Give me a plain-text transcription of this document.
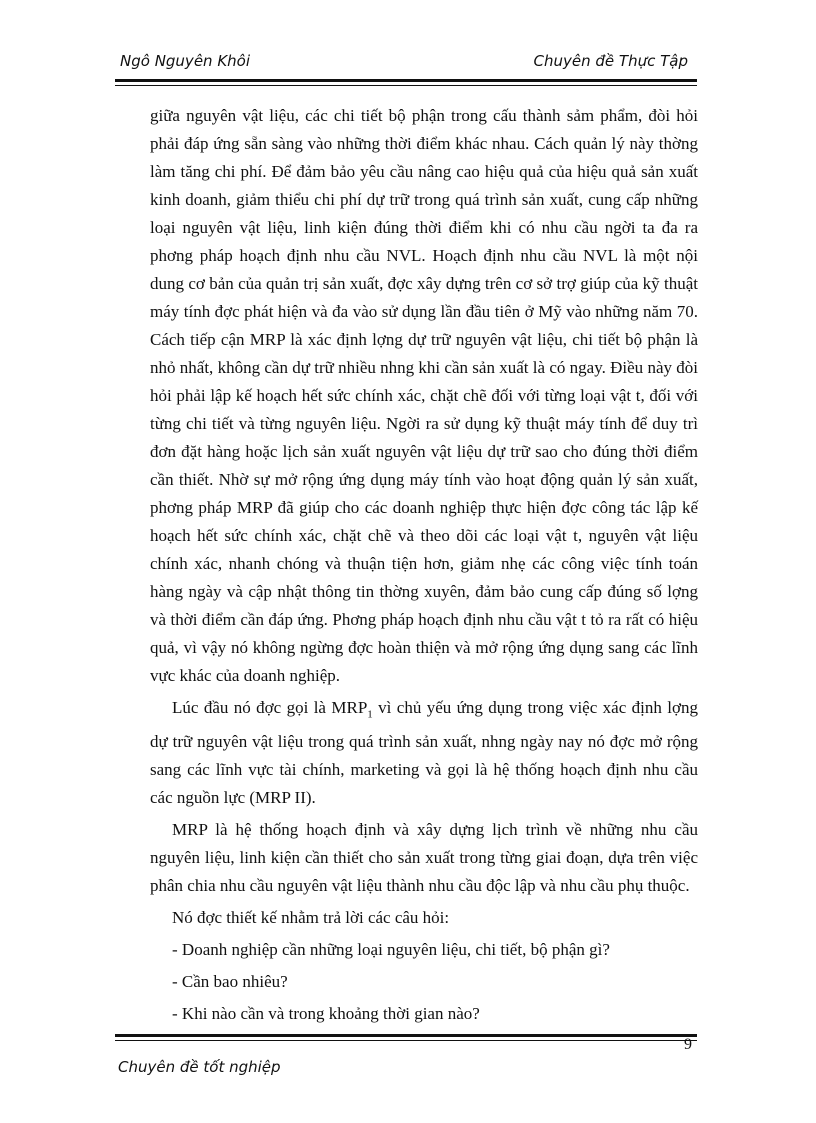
Ngô Nguyên Khôi	Chuyên đề Thực Tập

giữa nguyên vật liệu, các chi tiết bộ phận trong cấu thành sảm phẩm, đòi hỏi phải đáp ứng sẵn sàng vào những thời điểm khác nhau. Cách quản lý này thờng làm tăng chi phí. Để đảm bảo yêu cầu nâng cao hiệu quả của hiệu quả sản xuất kinh doanh, giảm thiểu chi phí dự trữ trong quá trình sản xuất, cung cấp những loại nguyên vật liệu, linh kiện đúng thời điểm khi có nhu cầu ngời ta đa ra phơng pháp hoạch định nhu cầu NVL. Hoạch định nhu cầu NVL là một nội dung cơ bản của quản trị sản xuất, đợc xây dựng trên cơ sở trợ giúp của kỹ thuật máy tính đợc phát hiện và đa vào sử dụng lần đầu tiên ở Mỹ vào những năm 70. Cách tiếp cận MRP là xác định lợng dự trữ nguyên vật liệu, chi tiết bộ phận là nhỏ nhất, không cần dự trữ nhiều nhng khi cần sản xuất là có ngay. Điều này đòi hỏi phải lập kế hoạch hết sức chính xác, chặt chẽ đối với từng loại vật t, đối với từng chi tiết và từng nguyên liệu. Ngời ra sử dụng kỹ thuật máy tính để duy trì đơn đặt hàng hoặc lịch sản xuất nguyên vật liệu dự trữ sao cho đúng thời điểm cần thiết. Nhờ sự mở rộng ứng dụng máy tính vào hoạt động quản lý sản xuất, phơng pháp MRP đã giúp cho các doanh nghiệp thực hiện đợc công tác lập kế hoạch hết sức chính xác, chặt chẽ và theo dõi các loại vật t, nguyên vật liệu chính xác, nhanh chóng và thuận tiện hơn, giảm nhẹ các công việc tính toán hàng ngày và cập nhật thông tin thờng xuyên, đảm bảo cung cấp đúng số lợng và thời điểm cần đáp ứng. Phơng pháp hoạch định nhu cầu vật t tỏ ra rất có hiệu quả, vì vậy nó không ngừng đợc hoàn thiện và mở rộng ứng dụng sang các lĩnh vực khác của doanh nghiệp.

Lúc đầu nó đợc gọi là $MRP_1$ vì chủ yếu ứng dụng trong việc xác định lợng dự trữ nguyên vật liệu trong quá trình sản xuất, nhng ngày nay nó đợc mở rộng sang các lĩnh vực tài chính, marketing và gọi là hệ thống hoạch định nhu cầu các nguồn lực (MRP II).

MRP là hệ thống hoạch định và xây dựng lịch trình về những nhu cầu nguyên liệu, linh kiện cần thiết cho sản xuất trong từng giai đoạn, dựa trên việc phân chia nhu cầu nguyên vật liệu thành nhu cầu độc lập và nhu cầu phụ thuộc.

Nó đợc thiết kế nhằm trả lời các câu hỏi:

- Doanh nghiệp cần những loại nguyên liệu, chi tiết, bộ phận gì?

- Cần bao nhiêu?

- Khi nào cần và trong khoảng thời gian nào?

9
Chuyên đề tốt nghiệp
